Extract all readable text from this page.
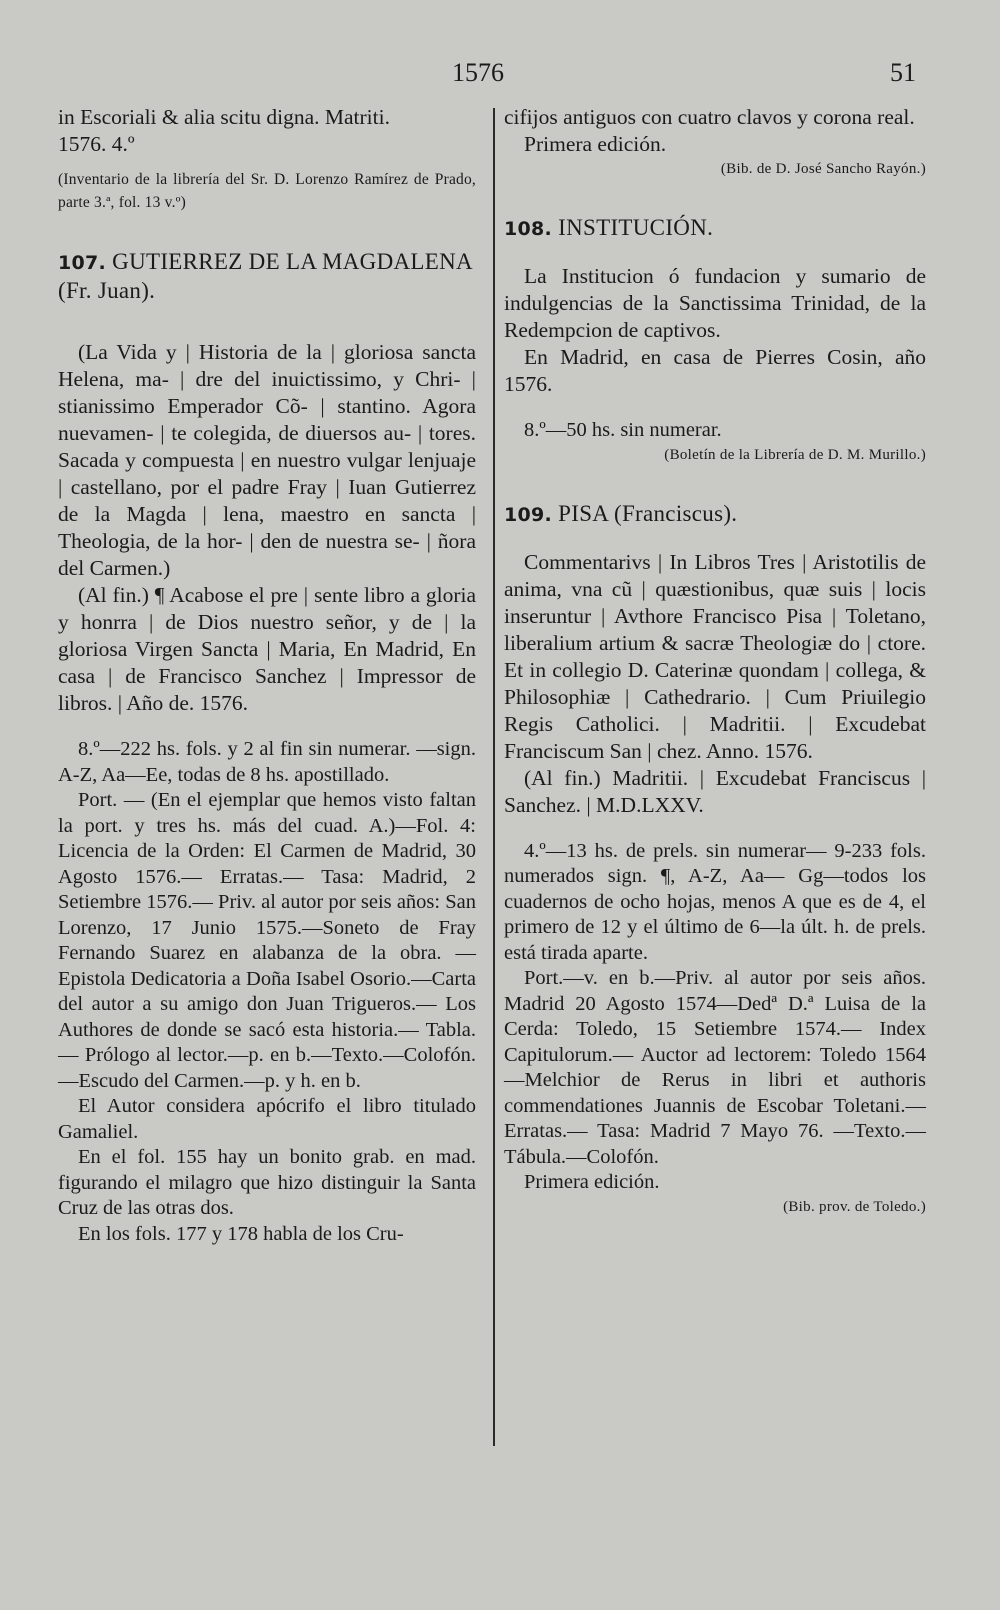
1576	51

in Escoriali & alia scitu digna. Matriti.

1576. 4.º

(Inventario de la librería del Sr. D. Lorenzo Ramírez de Prado, parte 3.ª, fol. 13 v.º)

107. GUTIERREZ DE LA MAGDALENA (Fr. Juan).

(La Vida y | Historia de la | gloriosa sancta Helena, ma- | dre del inuictissimo, y Chri- | stianissimo Emperador Cõ- | stantino. Agora nuevamen- | te colegida, de diuersos au- | tores. Sacada y compuesta | en nuestro vulgar lenjuaje | castellano, por el padre Fray | Iuan Gutierrez de la Magda | lena, maestro en sancta | Theologia, de la hor- | den de nuestra se- | ñora del Carmen.)

(Al fin.) ¶ Acabose el pre | sente libro a gloria y honrra | de Dios nuestro señor, y de | la gloriosa Virgen Sancta | Maria, En Madrid, En casa | de Francisco Sanchez | Impressor de libros. | Año de. 1576.

8.º—222 hs. fols. y 2 al fin sin numerar. —sign. A-Z, Aa—Ee, todas de 8 hs. apostillado.

Port. — (En el ejemplar que hemos visto faltan la port. y tres hs. más del cuad. A.)—Fol. 4: Licencia de la Orden: El Carmen de Madrid, 30 Agosto 1576.— Erratas.— Tasa: Madrid, 2 Setiembre 1576.— Priv. al autor por seis años: San Lorenzo, 17 Junio 1575.—Soneto de Fray Fernando Suarez en alabanza de la obra. — Epistola Dedicatoria a Doña Isabel Osorio.—Carta del autor a su amigo don Juan Trigueros.— Los Authores de donde se sacó esta historia.— Tabla.— Prólogo al lector.—p. en b.—Texto.—Colofón.—Escudo del Carmen.—p. y h. en b.

El Autor considera apócrifo el libro titulado Gamaliel.

En el fol. 155 hay un bonito grab. en mad. figurando el milagro que hizo distinguir la Santa Cruz de las otras dos.

En los fols. 177 y 178 habla de los Cru-

cifijos antiguos con cuatro clavos y corona real.

Primera edición.

(Bib. de D. José Sancho Rayón.)

108. INSTITUCIÓN.

La Institucion ó fundacion y sumario de indulgencias de la Sanctissima Trinidad, de la Redempcion de captivos.

En Madrid, en casa de Pierres Cosin, año 1576.

8.º—50 hs. sin numerar.

(Boletín de la Librería de D. M. Murillo.)

109. PISA (Franciscus).

Commentarivs | In Libros Tres | Aristotilis de anima, vna cũ | quæstionibus, quæ suis | locis inseruntur | Avthore Francisco Pisa | Toletano, liberalium artium & sacræ Theologiæ do | ctore. Et in collegio D. Caterinæ quondam | collega, & Philosophiæ | Cathedrario. | Cum Priuilegio Regis Catholici. | Madritii. | Excudebat Franciscum San | chez. Anno. 1576.

(Al fin.) Madritii. | Excudebat Franciscus | Sanchez. | M.D.LXXV.

4.º—13 hs. de prels. sin numerar— 9-233 fols. numerados sign. ¶, A-Z, Aa— Gg—todos los cuadernos de ocho hojas, menos A que es de 4, el primero de 12 y el último de 6—la últ. h. de prels. está tirada aparte.

Port.—v. en b.—Priv. al autor por seis años. Madrid 20 Agosto 1574—Dedª D.ª Luisa de la Cerda: Toledo, 15 Setiembre 1574.— Index Capitulorum.— Auctor ad lectorem: Toledo 1564—Melchior de Rerus in libri et authoris commendationes Juannis de Escobar Toletani.— Erratas.— Tasa: Madrid 7 Mayo 76. —Texto.—Tábula.—Colofón.

Primera edición.

(Bib. prov. de Toledo.)
